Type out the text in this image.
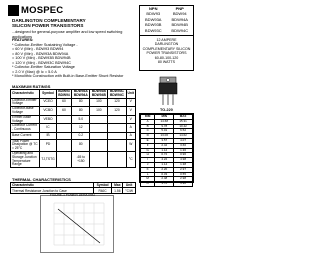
MOSPEC
DARLINGTON COMPLEMENTARY
SILICON POWER TRANSISTORS
...designed for general-purpose amplifier and low speed switching applications
FEATURES:
* Collector-Emitter Sustaining Voltage -
= 60 V (Min) - BDW93 BDW94
= 80 V (Min) - BDW93A BDW94A
= 100 V (Min) - BDW93B BDW94B
= 120 V (Min) - BDW93C BDW94C
* Collector-Emitter Saturation Voltage
= 2.0 V (Max) @ Ic = 5.0 A
* Monolithic Construction with Built-in Base-Emitter Shunt Resistor
NPN	PNP
BDW93	BDW94
BDW93A	BDW94A
BDW93B	BDW94B
BDW93C	BDW94C
12 AMPERE
DARLINGTON
COMPLEMENTARY SILICON
POWER TRANSISTORS
60-80-100-120
80 WATTS
TO-220
DIM	MIN	MAX
A	14.68	15.31
B	9.78	10.42
C	5.01	6.52
D	13.06	14.62
E	3.57	4.07
F	2.42	3.66
G	1.12	1.36
H	0.72	0.96
I	4.22	4.98
J	1.14	1.38
K	2.20	2.97
L	0.33	0.55
M	2.48	2.98
O	3.70	3.90
MAXIMUM RATINGS
Characteristic	Symbol	BDW93 BDW94	BDW93A BDW94A	BDW93B BDW94B	BDW93C BDW94C	Unit
Collector-Emitter Voltage	VCEO	60	80	100	120	V
Collector-Base Voltage	VCBO	60	80	100	120	V
Emitter-Base Voltage	VEBO		5.0			V
Collector Current - Continuous	IC		12			A
Base Current	IB		0.2			A
Total Power Dissipation @ TC = 25°C	PD		80			W
Operating and Storage Junction Temperature Range	TJ,TSTG		-65 to +150			°C
THERMAL CHARACTERISTICS
Characteristic	Symbol	Max	Unit
Thermal Resistance Junction to Case	RθJC	1.56	°C/W
FIGURE-1 POWER DERATING
